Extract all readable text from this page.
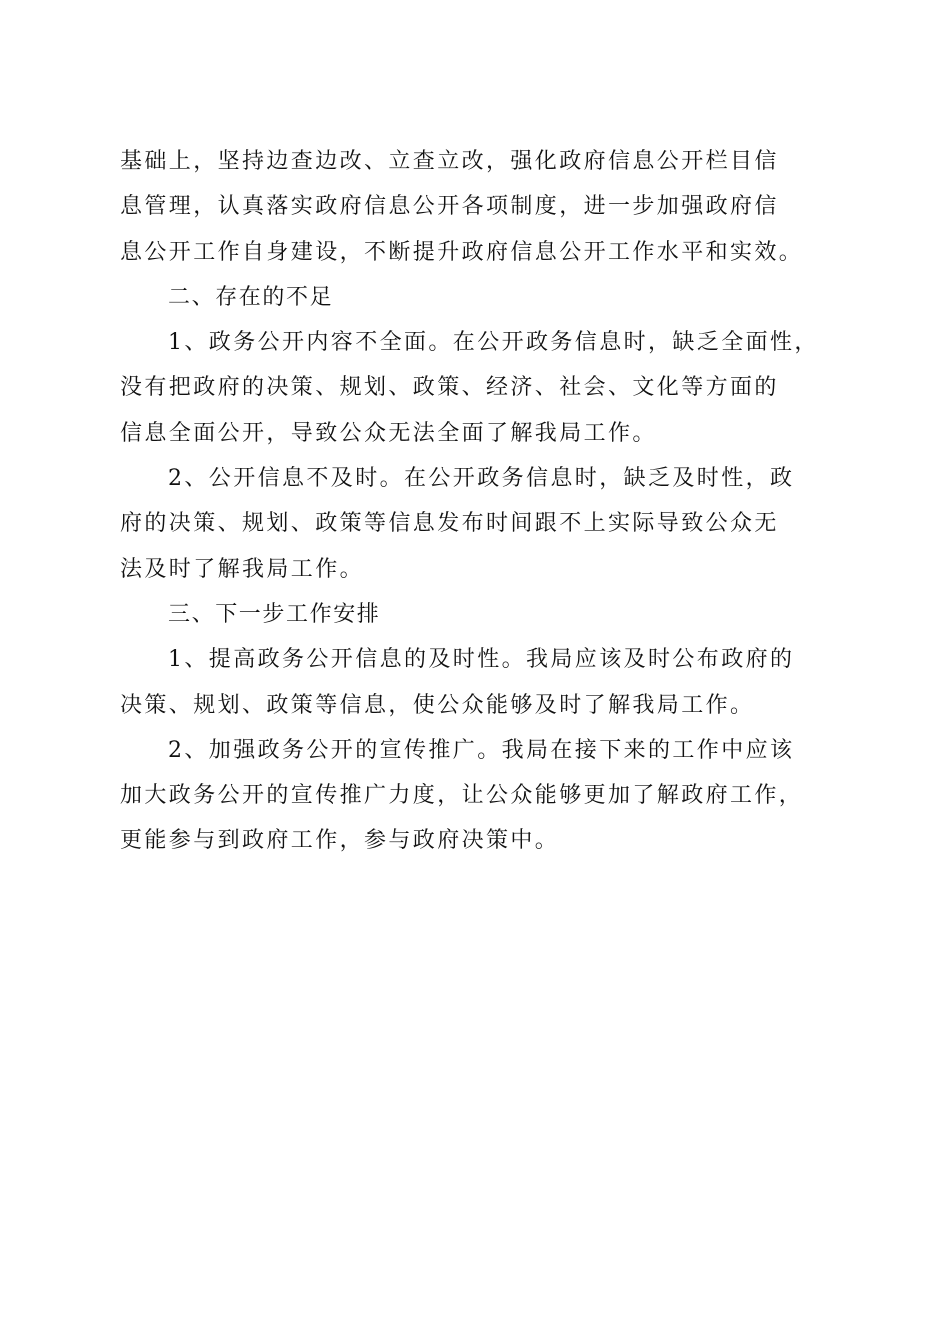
基础上，坚持边查边改、立查立改，强化政府信息公开栏目信
息管理，认真落实政府信息公开各项制度，进一步加强政府信
息公开工作自身建设，不断提升政府信息公开工作水平和实效。
二、存在的不足
1、政务公开内容不全面。在公开政务信息时，缺乏全面性，
没有把政府的决策、规划、政策、经济、社会、文化等方面的
信息全面公开，导致公众无法全面了解我局工作。
2、公开信息不及时。在公开政务信息时，缺乏及时性，政
府的决策、规划、政策等信息发布时间跟不上实际导致公众无
法及时了解我局工作。
三、下一步工作安排
1、提高政务公开信息的及时性。我局应该及时公布政府的
决策、规划、政策等信息，使公众能够及时了解我局工作。
2、加强政务公开的宣传推广。我局在接下来的工作中应该
加大政务公开的宣传推广力度，让公众能够更加了解政府工作，
更能参与到政府工作，参与政府决策中。
